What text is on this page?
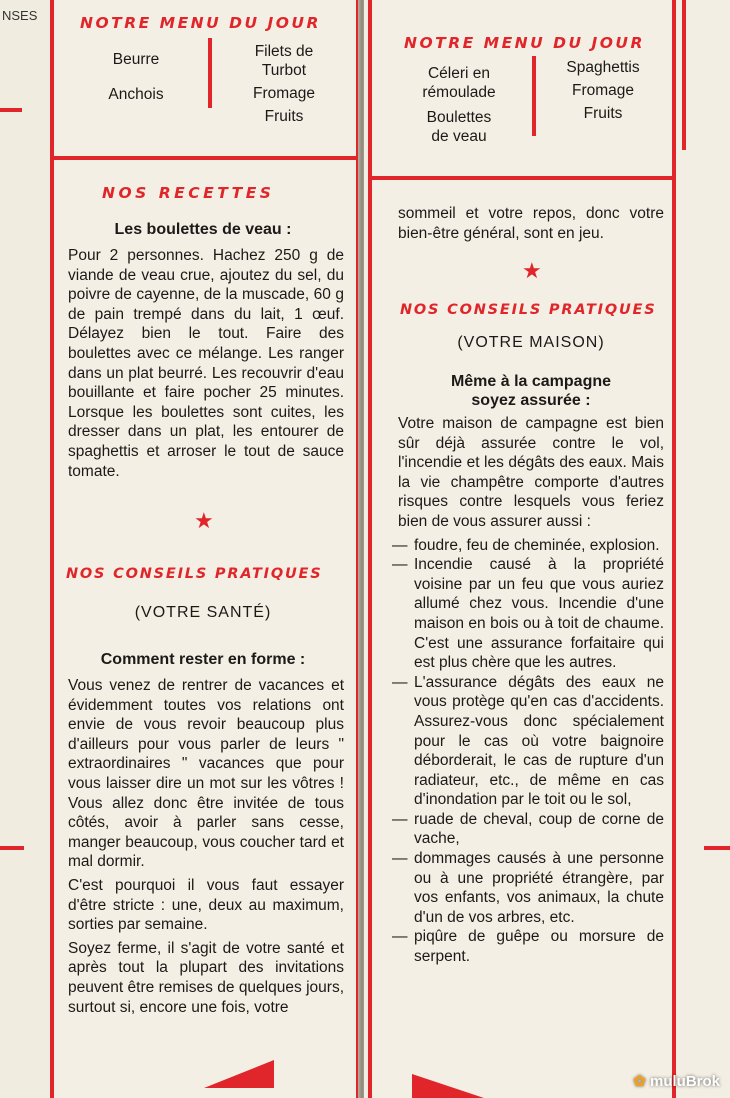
NSES	NOTRE MENU DU JOUR
Beurre
Anchois
Filets de Turbot
Fromage
Fruits
NOS RECETTES
Les boulettes de veau :

Pour 2 personnes. Hachez 250 g de viande de veau crue, ajoutez du sel, du poivre de cayenne, de la muscade, 60 g de pain trempé dans du lait, 1 œuf. Délayez bien le tout. Faire des boulettes avec ce mélange. Les ranger dans un plat beurré. Les recouvrir d'eau bouillante et faire pocher 25 minutes. Lorsque les boulettes sont cuites, les dresser dans un plat, les entourer de spaghettis et arroser le tout de sauce tomate.

★
NOS CONSEILS PRATIQUES
(VOTRE SANTÉ)
Comment rester en forme :

Vous venez de rentrer de vacances et évidemment toutes vos relations ont envie de vous revoir beaucoup plus d'ailleurs pour vous parler de leurs " extraordinaires " vacances que pour vous laisser dire un mot sur les vôtres ! Vous allez donc être invitée de tous côtés, avoir à parler sans cesse, manger beaucoup, vous coucher tard et mal dormir.

C'est pourquoi il vous faut essayer d'être stricte : une, deux au maximum, sorties par semaine.

Soyez ferme, il s'agit de votre santé et après tout la plupart des invitations peuvent être remises de quelques jours, surtout si, encore une fois, votre

NOTRE MENU DU JOUR
Céleri en rémoulade
Boulettes de veau
Spaghettis
Fromage
Fruits
sommeil et votre repos, donc votre bien-être général, sont en jeu.
★
NOS CONSEILS PRATIQUES
(VOTRE MAISON)
Même à la campagne
soyez assurée :

Votre maison de campagne est bien sûr déjà assurée contre le vol, l'incendie et les dégâts des eaux. Mais la vie champêtre comporte d'autres risques contre lesquels vous feriez bien de vous assurer aussi :

— foudre, feu de cheminée, explosion.
— Incendie causé à la propriété voisine par un feu que vous auriez allumé chez vous. Incendie d'une maison en bois ou à toit de chaume. C'est une assurance forfaitaire qui est plus chère que les autres.
— L'assurance dégâts des eaux ne vous protège qu'en cas d'accidents. Assurez-vous donc spécialement pour le cas où votre baignoire déborderait, le cas de rupture d'un radiateur, etc., de même en cas d'inondation par le toit ou le sol,
— ruade de cheval, coup de corne de vache,
— dommages causés à une personne ou à une propriété étrangère, par vos enfants, vos animaux, la chute d'un de vos arbres, etc.
— piqûre de guêpe ou morsure de serpent.
✿ muluBrok
